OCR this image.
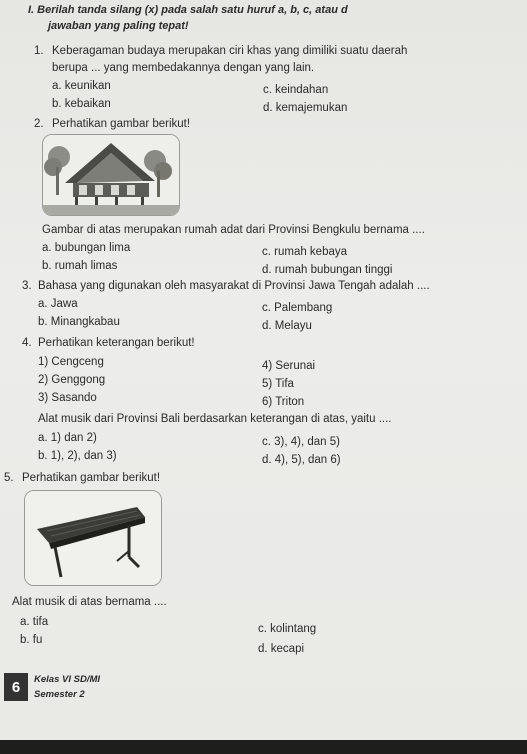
I. Berilah tanda silang (x) pada salah satu huruf a, b, c, atau d
jawaban yang paling tepat!
1. Keberagaman budaya merupakan ciri khas yang dimiliki suatu daerah
berupa ... yang membedakannya dengan yang lain.
a. keunikan
b. kebaikan
c. keindahan
d. kemajemukan
2. Perhatikan gambar berikut!
Gambar di atas merupakan rumah adat dari Provinsi Bengkulu bernama ....
a. bubungan lima
b. rumah limas
c. rumah kebaya
d. rumah bubungan tinggi
3. Bahasa yang digunakan oleh masyarakat di Provinsi Jawa Tengah adalah ....
a. Jawa
b. Minangkabau
c. Palembang
d. Melayu
4. Perhatikan keterangan berikut!
1) Cengceng
2) Genggong
3) Sasando
4) Serunai
5) Tifa
6) Triton
Alat musik dari Provinsi Bali berdasarkan keterangan di atas, yaitu ....
a. 1) dan 2)
b. 1), 2), dan 3)
c. 3), 4), dan 5)
d. 4), 5), dan 6)
5. Perhatikan gambar berikut!
Alat musik di atas bernama ....
a. tifa
b. fu
c. kolintang
d. kecapi
6	Kelas VI SD/MI
Semester 2
